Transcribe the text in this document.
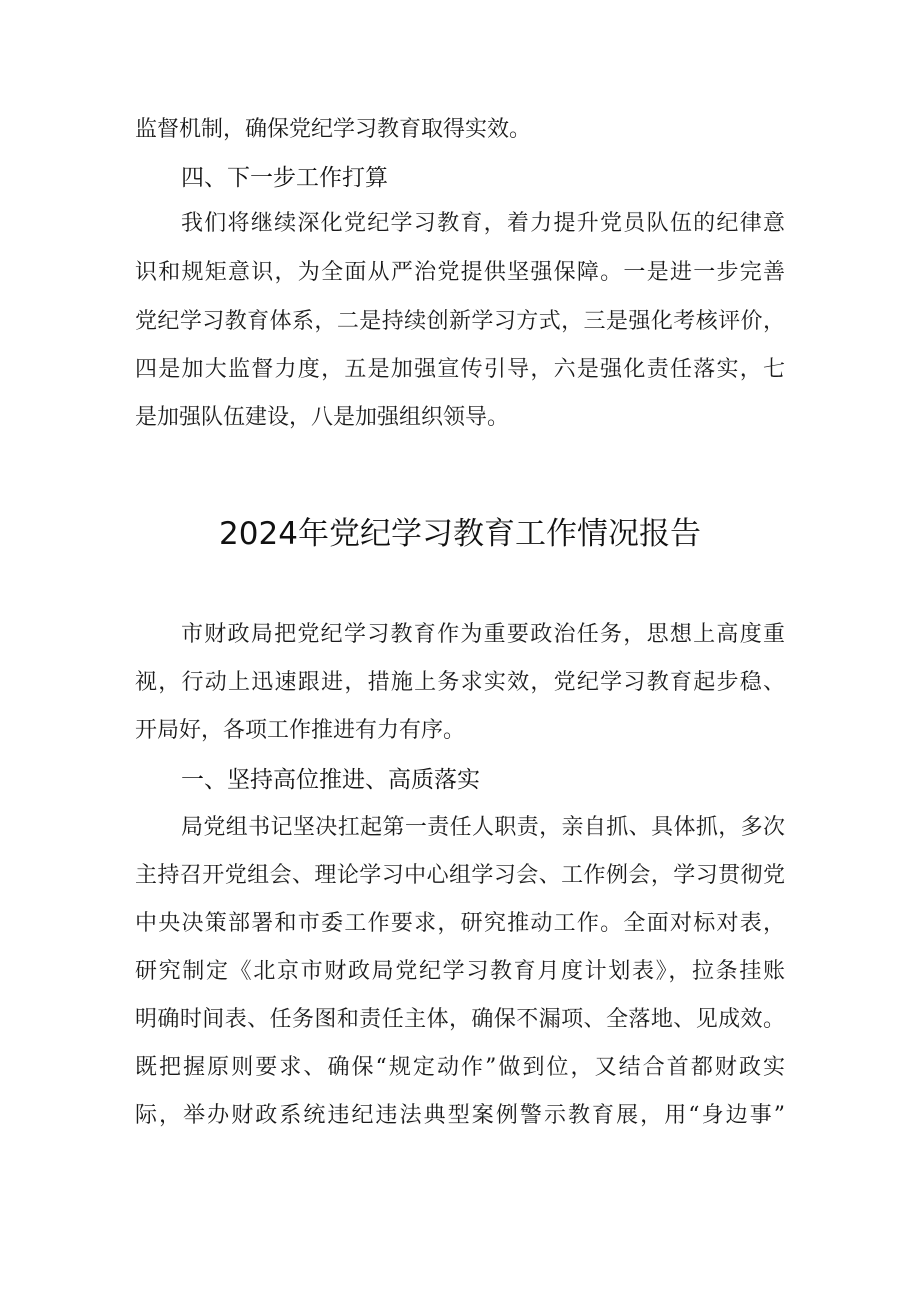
监督机制，确保党纪学习教育取得实效。
四、下一步工作打算
我们将继续深化党纪学习教育，着力提升党员队伍的纪律意
识和规矩意识，为全面从严治党提供坚强保障。一是进一步完善
党纪学习教育体系，二是持续创新学习方式，三是强化考核评价，
四是加大监督力度，五是加强宣传引导，六是强化责任落实，七
是加强队伍建设，八是加强组织领导。
2024年党纪学习教育工作情况报告
市财政局把党纪学习教育作为重要政治任务，思想上高度重
视，行动上迅速跟进，措施上务求实效，党纪学习教育起步稳、
开局好，各项工作推进有力有序。
一、坚持高位推进、高质落实
局党组书记坚决扛起第一责任人职责，亲自抓、具体抓，多次
主持召开党组会、理论学习中心组学习会、工作例会，学习贯彻党
中央决策部署和市委工作要求，研究推动工作。全面对标对表，
研究制定《北京市财政局党纪学习教育月度计划表》，拉条挂账
明确时间表、任务图和责任主体，确保不漏项、全落地、见成效。
既把握原则要求、确保“规定动作”做到位，又结合首都财政实
际，举办财政系统违纪违法典型案例警示教育展，用“身边事”
